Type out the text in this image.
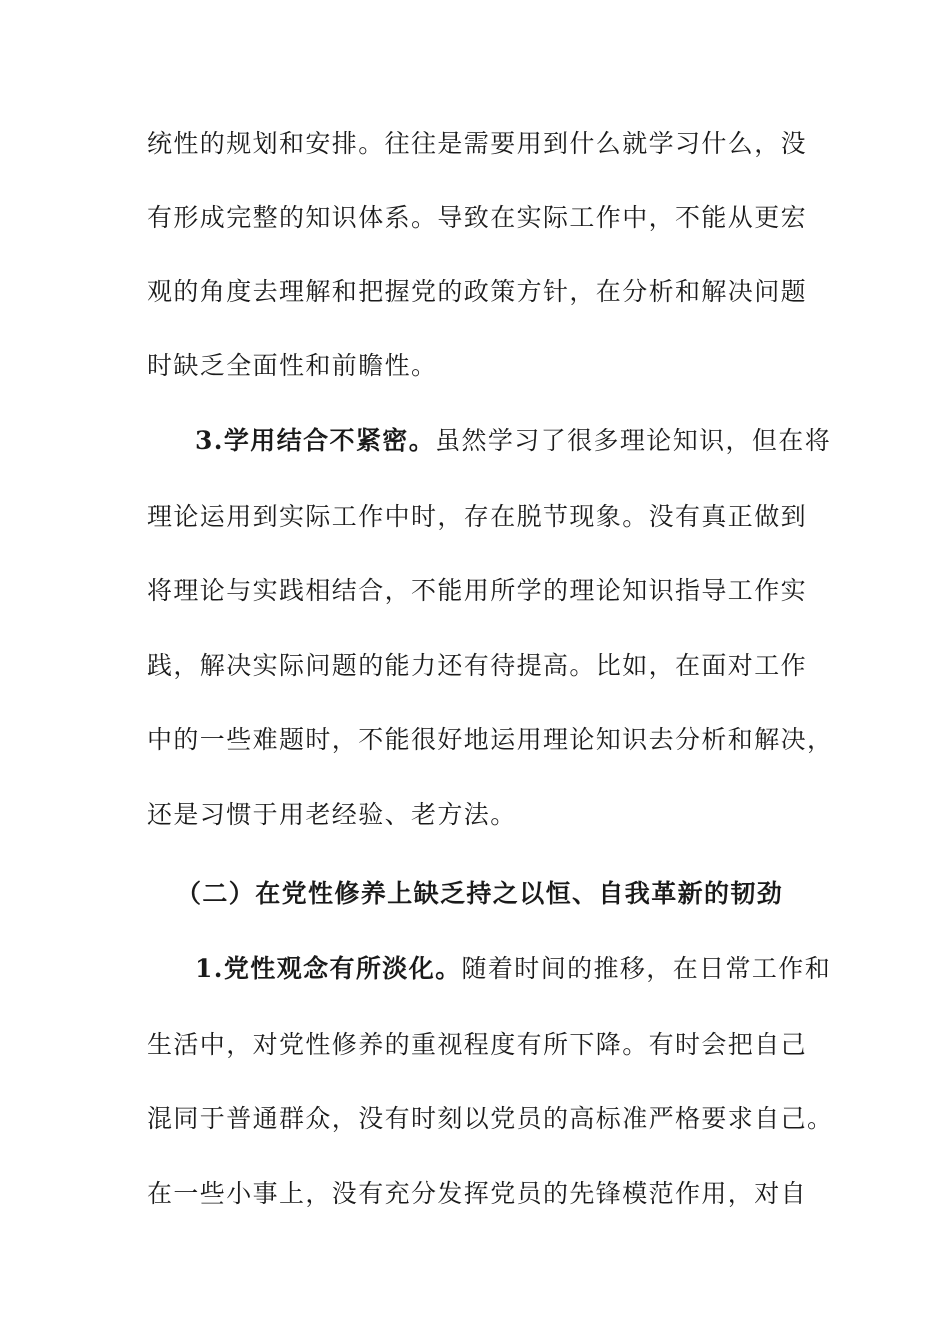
统性的规划和安排。往往是需要用到什么就学习什么，没
有形成完整的知识体系。导致在实际工作中，不能从更宏
观的角度去理解和把握党的政策方针，在分析和解决问题
时缺乏全面性和前瞻性。
3.学用结合不紧密。虽然学习了很多理论知识，但在将
理论运用到实际工作中时，存在脱节现象。没有真正做到
将理论与实践相结合，不能用所学的理论知识指导工作实
践，解决实际问题的能力还有待提高。比如，在面对工作
中的一些难题时，不能很好地运用理论知识去分析和解决，
还是习惯于用老经验、老方法。
（二）在党性修养上缺乏持之以恒、自我革新的韧劲
1.党性观念有所淡化。随着时间的推移，在日常工作和
生活中，对党性修养的重视程度有所下降。有时会把自己
混同于普通群众，没有时刻以党员的高标准严格要求自己。
在一些小事上，没有充分发挥党员的先锋模范作用，对自
